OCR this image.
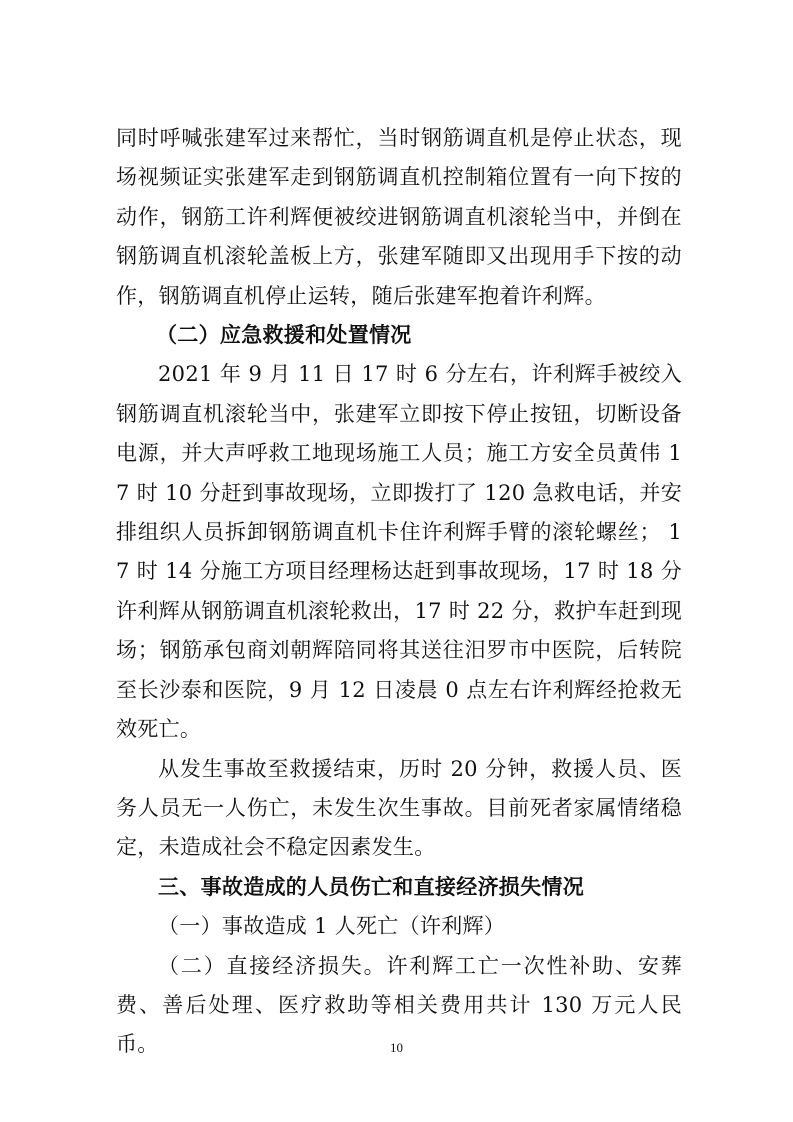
同时呼喊张建军过来帮忙，当时钢筋调直机是停止状态，现场视频证实张建军走到钢筋调直机控制箱位置有一向下按的动作，钢筋工许利辉便被绞进钢筋调直机滚轮当中，并倒在钢筋调直机滚轮盖板上方，张建军随即又出现用手下按的动作，钢筋调直机停止运转，随后张建军抱着许利辉。

（二）应急救援和处置情况

2021 年 9 月 11 日 17 时 6 分左右，许利辉手被绞入钢筋调直机滚轮当中，张建军立即按下停止按钮，切断设备电源，并大声呼救工地现场施工人员；施工方安全员黄伟 17 时 10 分赶到事故现场，立即拨打了 120 急救电话，并安排组织人员拆卸钢筋调直机卡住许利辉手臂的滚轮螺丝； 17 时 14 分施工方项目经理杨达赶到事故现场，17 时 18 分许利辉从钢筋调直机滚轮救出，17 时 22 分，救护车赶到现场；钢筋承包商刘朝辉陪同将其送往汨罗市中医院，后转院至长沙泰和医院，9 月 12 日凌晨 0 点左右许利辉经抢救无效死亡。

从发生事故至救援结束，历时 20 分钟，救援人员、医务人员无一人伤亡，未发生次生事故。目前死者家属情绪稳定，未造成社会不稳定因素发生。

三、事故造成的人员伤亡和直接经济损失情况

（一）事故造成 1 人死亡（许利辉）

（二）直接经济损失。许利辉工亡一次性补助、安葬费、善后处理、医疗救助等相关费用共计 130 万元人民币。	10
